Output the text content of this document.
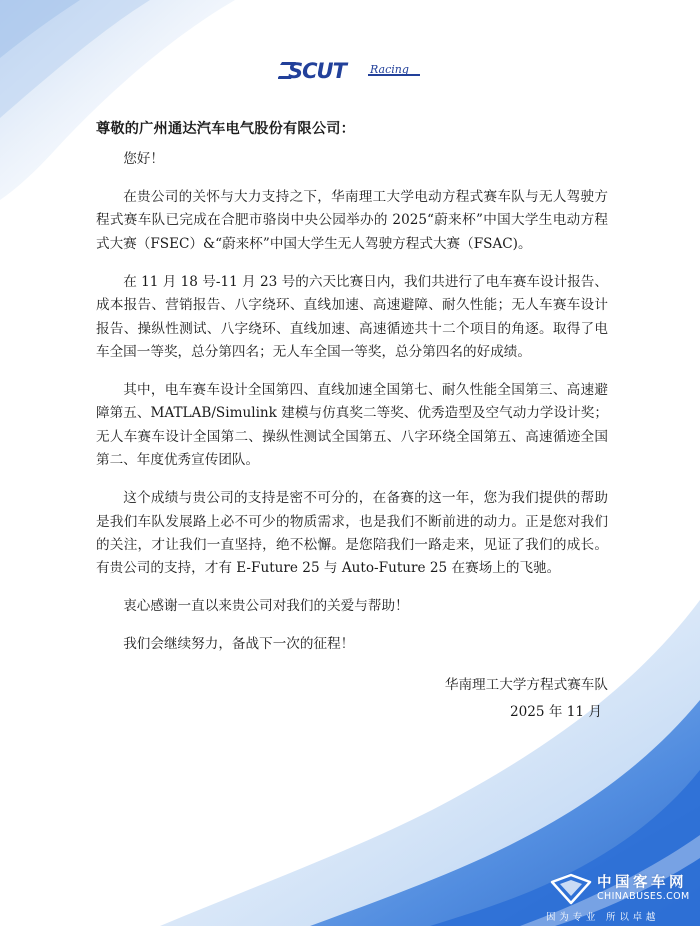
SCUT Racing
尊敬的广州通达汽车电气股份有限公司：

您好！

在贵公司的关怀与大力支持之下，华南理工大学电动方程式赛车队与无人驾驶方程式赛车队已完成在合肥市骆岗中央公园举办的 2025“蔚来杯”中国大学生电动方程式大赛（FSEC）&“蔚来杯”中国大学生无人驾驶方程式大赛（FSAC)。

在 11 月 18 号-11 月 23 号的六天比赛日内，我们共进行了电车赛车设计报告、成本报告、营销报告、八字绕环、直线加速、高速避障、耐久性能；无人车赛车设计报告、操纵性测试、八字绕环、直线加速、高速循迹共十二个项目的角逐。取得了电车全国一等奖，总分第四名；无人车全国一等奖，总分第四名的好成绩。

其中，电车赛车设计全国第四、直线加速全国第七、耐久性能全国第三、高速避障第五、MATLAB/Simulink 建模与仿真奖二等奖、优秀造型及空气动力学设计奖；无人车赛车设计全国第二、操纵性测试全国第五、八字环绕全国第五、高速循迹全国第二、年度优秀宣传团队。

这个成绩与贵公司的支持是密不可分的，在备赛的这一年，您为我们提供的帮助是我们车队发展路上必不可少的物质需求，也是我们不断前进的动力。正是您对我们的关注，才让我们一直坚持，绝不松懈。是您陪我们一路走来，见证了我们的成长。有贵公司的支持，才有 E-Future 25 与 Auto-Future 25 在赛场上的飞驰。

衷心感谢一直以来贵公司对我们的关爱与帮助！

我们会继续努力，备战下一次的征程！

华南理工大学方程式赛车队
2025 年 11 月
中国客车网
CHINABUSES.COM
因为专业 所以卓越
